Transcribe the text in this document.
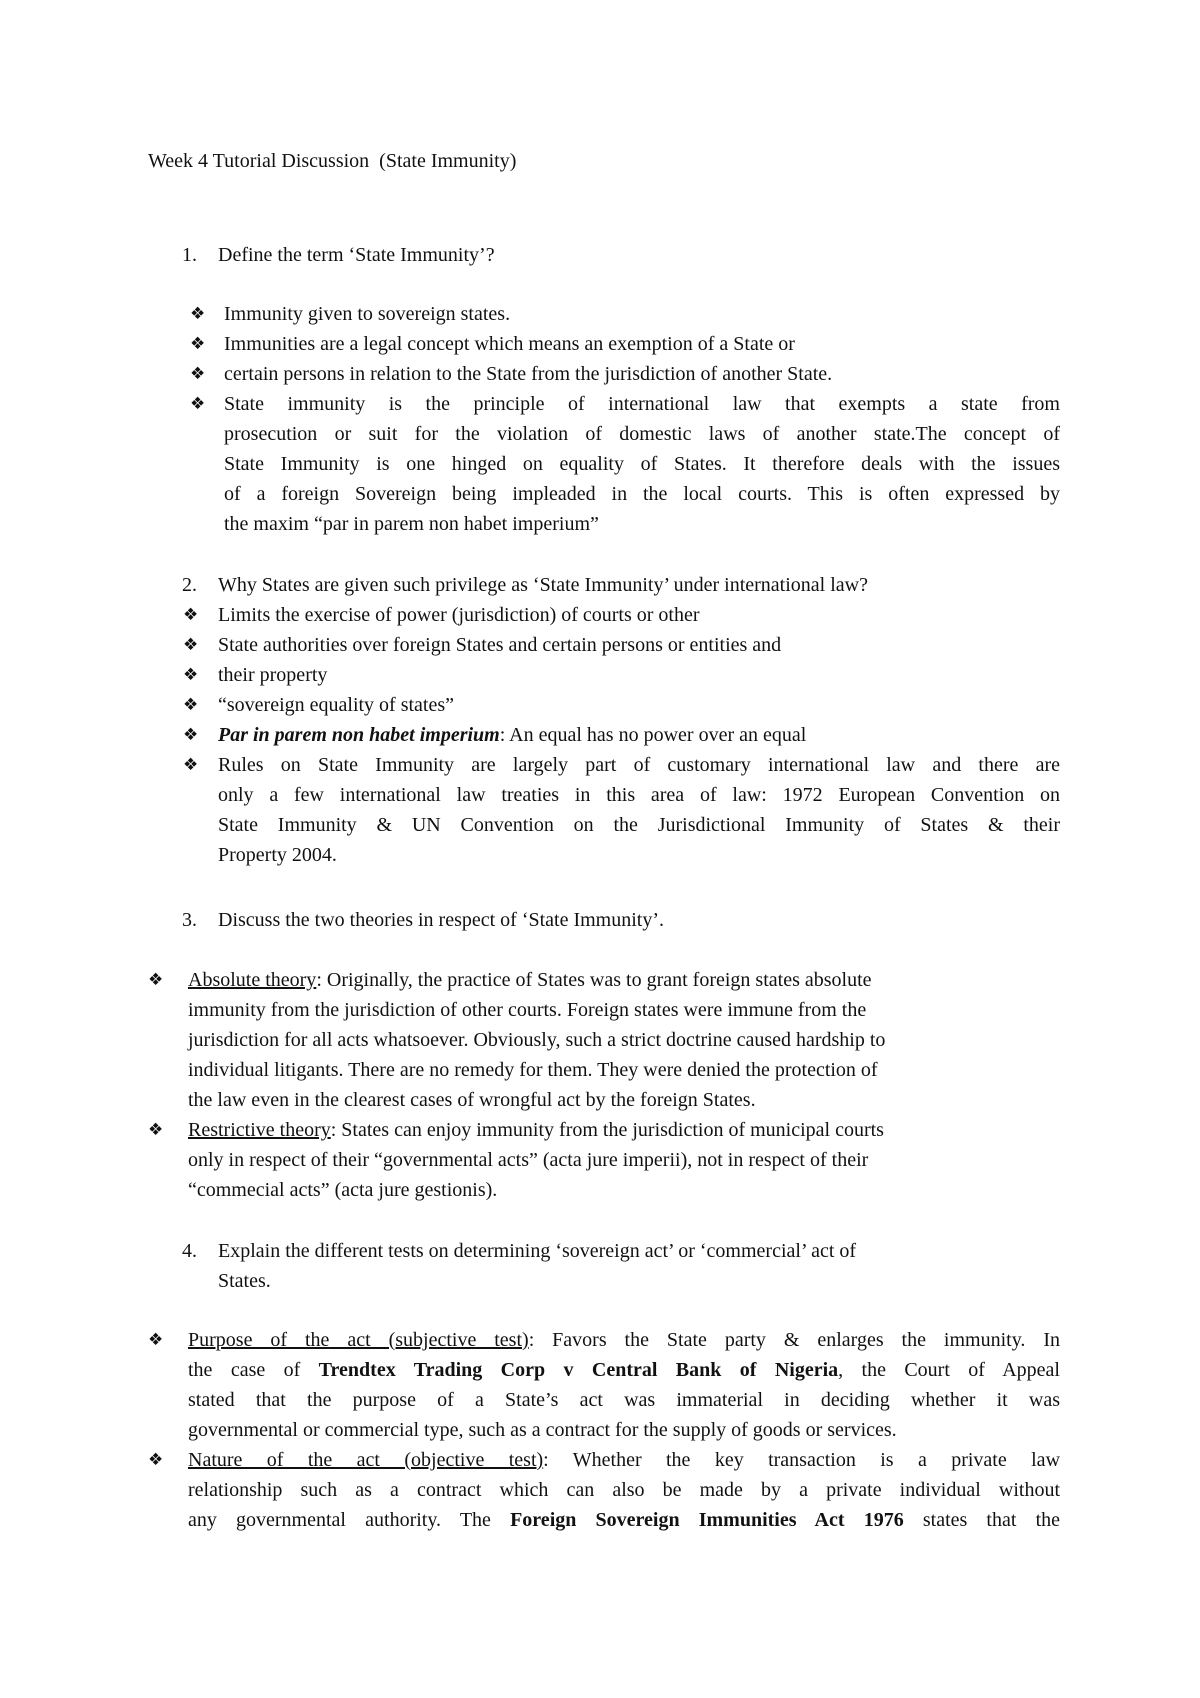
Week 4 Tutorial Discussion  (State Immunity)
1.	Define the term ‘State Immunity’?
❖ Immunity given to sovereign states.
❖ Immunities are a legal concept which means an exemption of a State or
❖ certain persons in relation to the State from the jurisdiction of another State.
❖ State immunity is the principle of international law that exempts a state from
prosecution or suit for the violation of domestic laws of another state.The concept of
State Immunity is one hinged on equality of States. It therefore deals with the issues
of a foreign Sovereign being impleaded in the local courts. This is often expressed by
the maxim “par in parem non habet imperium”
2.	Why States are given such privilege as ‘State Immunity’ under international law?
❖ Limits the exercise of power (jurisdiction) of courts or other
❖ State authorities over foreign States and certain persons or entities and
❖ their property
❖ “sovereign equality of states”
❖ Par in parem non habet imperium: An equal has no power over an equal
❖ Rules on State Immunity are largely part of customary international law and there are
only a few international law treaties in this area of law: 1972 European Convention on
State Immunity & UN Convention on the Jurisdictional Immunity of States & their
Property 2004.
3.	Discuss the two theories in respect of ‘State Immunity’.
❖ Absolute theory: Originally, the practice of States was to grant foreign states absolute
immunity from the jurisdiction of other courts. Foreign states were immune from the
jurisdiction for all acts whatsoever. Obviously, such a strict doctrine caused hardship to
individual litigants. There are no remedy for them. They were denied the protection of
the law even in the clearest cases of wrongful act by the foreign States.
❖ Restrictive theory: States can enjoy immunity from the jurisdiction of municipal courts
only in respect of their “governmental acts” (acta jure imperii), not in respect of their
“commecial acts” (acta jure gestionis).
4.	Explain the different tests on determining ‘sovereign act’ or ‘commercial’ act of
States.
❖ Purpose of the act (subjective test): Favors the State party & enlarges the immunity. In
the case of Trendtex Trading Corp v Central Bank of Nigeria, the Court of Appeal
stated that the purpose of a State’s act was immaterial in deciding whether it was
governmental or commercial type, such as a contract for the supply of goods or services.
❖ Nature of the act (objective test): Whether the key transaction is a private law
relationship such as a contract which can also be made by a private individual without
any governmental authority. The Foreign Sovereign Immunities Act 1976 states that the
